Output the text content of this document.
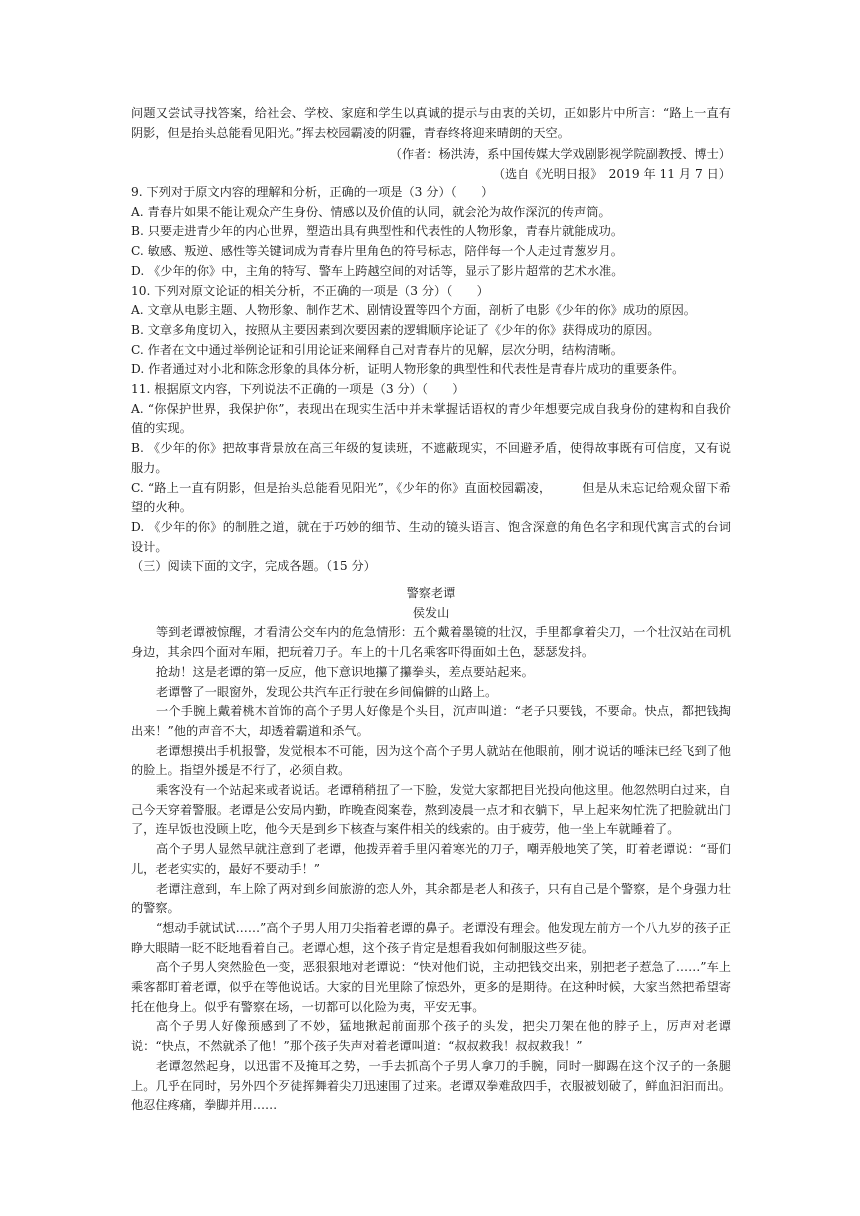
问题又尝试寻找答案，给社会、学校、家庭和学生以真诚的提示与由衷的关切，正如影片中所言：“路上一直有阴影，但是抬头总能看见阳光。”挥去校园霸凌的阴霾，青春终将迎来晴朗的天空。

（作者：杨洪涛，系中国传媒大学戏剧影视学院副教授、博士）

（选自《光明日报》　2019 年 11 月 7 日）

9. 下列对于原文内容的理解和分析，正确的一项是（3 分）（　　）

A. 青春片如果不能让观众产生身份、情感以及价值的认同，就会沦为故作深沉的传声筒。

B. 只要走进青少年的内心世界，塑造出具有典型性和代表性的人物形象，青春片就能成功。

C. 敏感、叛逆、感性等关键词成为青春片里角色的符号标志，陪伴每一个人走过青葱岁月。

D. 《少年的你》中，主角的特写、警车上跨越空间的对话等，显示了影片超常的艺术水准。

10. 下列对原文论证的相关分析，不正确的一项是（3 分）（　　）

A. 文章从电影主题、人物形象、制作艺术、剧情设置等四个方面，剖析了电影《少年的你》成功的原因。

B. 文章多角度切入，按照从主要因素到次要因素的逻辑顺序论证了《少年的你》获得成功的原因。

C. 作者在文中通过举例论证和引用论证来阐释自己对青春片的见解，层次分明，结构清晰。

D. 作者通过对小北和陈念形象的具体分析，证明人物形象的典型性和代表性是青春片成功的重要条件。

11. 根据原文内容，下列说法不正确的一项是（3 分）（　　）

A. “你保护世界，我保护你”，表现出在现实生活中并未掌握话语权的青少年想要完成自我身份的建构和自我价值的实现。

B. 《少年的你》把故事背景放在高三年级的复读班，不遮蔽现实，不回避矛盾，使得故事既有可信度，又有说服力。

C. “路上一直有阴影，但是抬头总能看见阳光”，《少年的你》直面校园霸凌，　　　但是从未忘记给观众留下希望的火种。

D. 《少年的你》的制胜之道，就在于巧妙的细节、生动的镜头语言、饱含深意的角色名字和现代寓言式的台词设计。

（三）阅读下面的文字，完成各题。（15 分）

警察老谭

侯发山

等到老谭被惊醒，才看清公交车内的危急情形：五个戴着墨镜的壮汉，手里都拿着尖刀，一个壮汉站在司机身边，其余四个面对车厢，把玩着刀子。车上的十几名乘客吓得面如土色，瑟瑟发抖。

抢劫！这是老谭的第一反应，他下意识地攥了攥拳头，差点要站起来。

老谭瞥了一眼窗外，发现公共汽车正行驶在乡间偏僻的山路上。

一个手腕上戴着桃木首饰的高个子男人好像是个头目，沉声叫道：“老子只要钱，不要命。快点，都把钱掏出来！”他的声音不大，却透着霸道和杀气。

老谭想摸出手机报警，发觉根本不可能，因为这个高个子男人就站在他眼前，刚才说话的唾沫已经飞到了他的脸上。指望外援是不行了，必须自救。

乘客没有一个站起来或者说话。老谭稍稍扭了一下脸，发觉大家都把目光投向他这里。他忽然明白过来，自己今天穿着警服。老谭是公安局内勤，昨晚查阅案卷，熬到凌晨一点才和衣躺下，早上起来匆忙洗了把脸就出门了，连早饭也没顾上吃，他今天是到乡下核查与案件相关的线索的。由于疲劳，他一坐上车就睡着了。

高个子男人显然早就注意到了老谭，他拨弄着手里闪着寒光的刀子，嘲弄般地笑了笑，盯着老谭说：“哥们儿，老老实实的，最好不要动手！”

老谭注意到，车上除了两对到乡间旅游的恋人外，其余都是老人和孩子，只有自己是个警察，是个身强力壮的警察。

“想动手就试试……”高个子男人用刀尖指着老谭的鼻子。老谭没有理会。他发现左前方一个八九岁的孩子正睁大眼睛一眨不眨地看着自己。老谭心想，这个孩子肯定是想看我如何制服这些歹徒。

高个子男人突然脸色一变，恶狠狠地对老谭说：“快对他们说，主动把钱交出来，别把老子惹急了……”车上乘客都盯着老谭，似乎在等他说话。大家的目光里除了惊恐外，更多的是期待。在这种时候，大家当然把希望寄托在他身上。似乎有警察在场，一切都可以化险为夷，平安无事。

高个子男人好像预感到了不妙，猛地揪起前面那个孩子的头发，把尖刀架在他的脖子上，厉声对老谭说：“快点，不然就杀了他！”那个孩子失声对着老谭叫道：“叔叔救我！叔叔救我！”

老谭忽然起身，以迅雷不及掩耳之势，一手去抓高个子男人拿刀的手腕，同时一脚踢在这个汉子的一条腿上。几乎在同时，另外四个歹徒挥舞着尖刀迅速围了过来。老谭双拳难敌四手，衣服被划破了，鲜血汩汩而出。他忍住疼痛，拳脚并用……
